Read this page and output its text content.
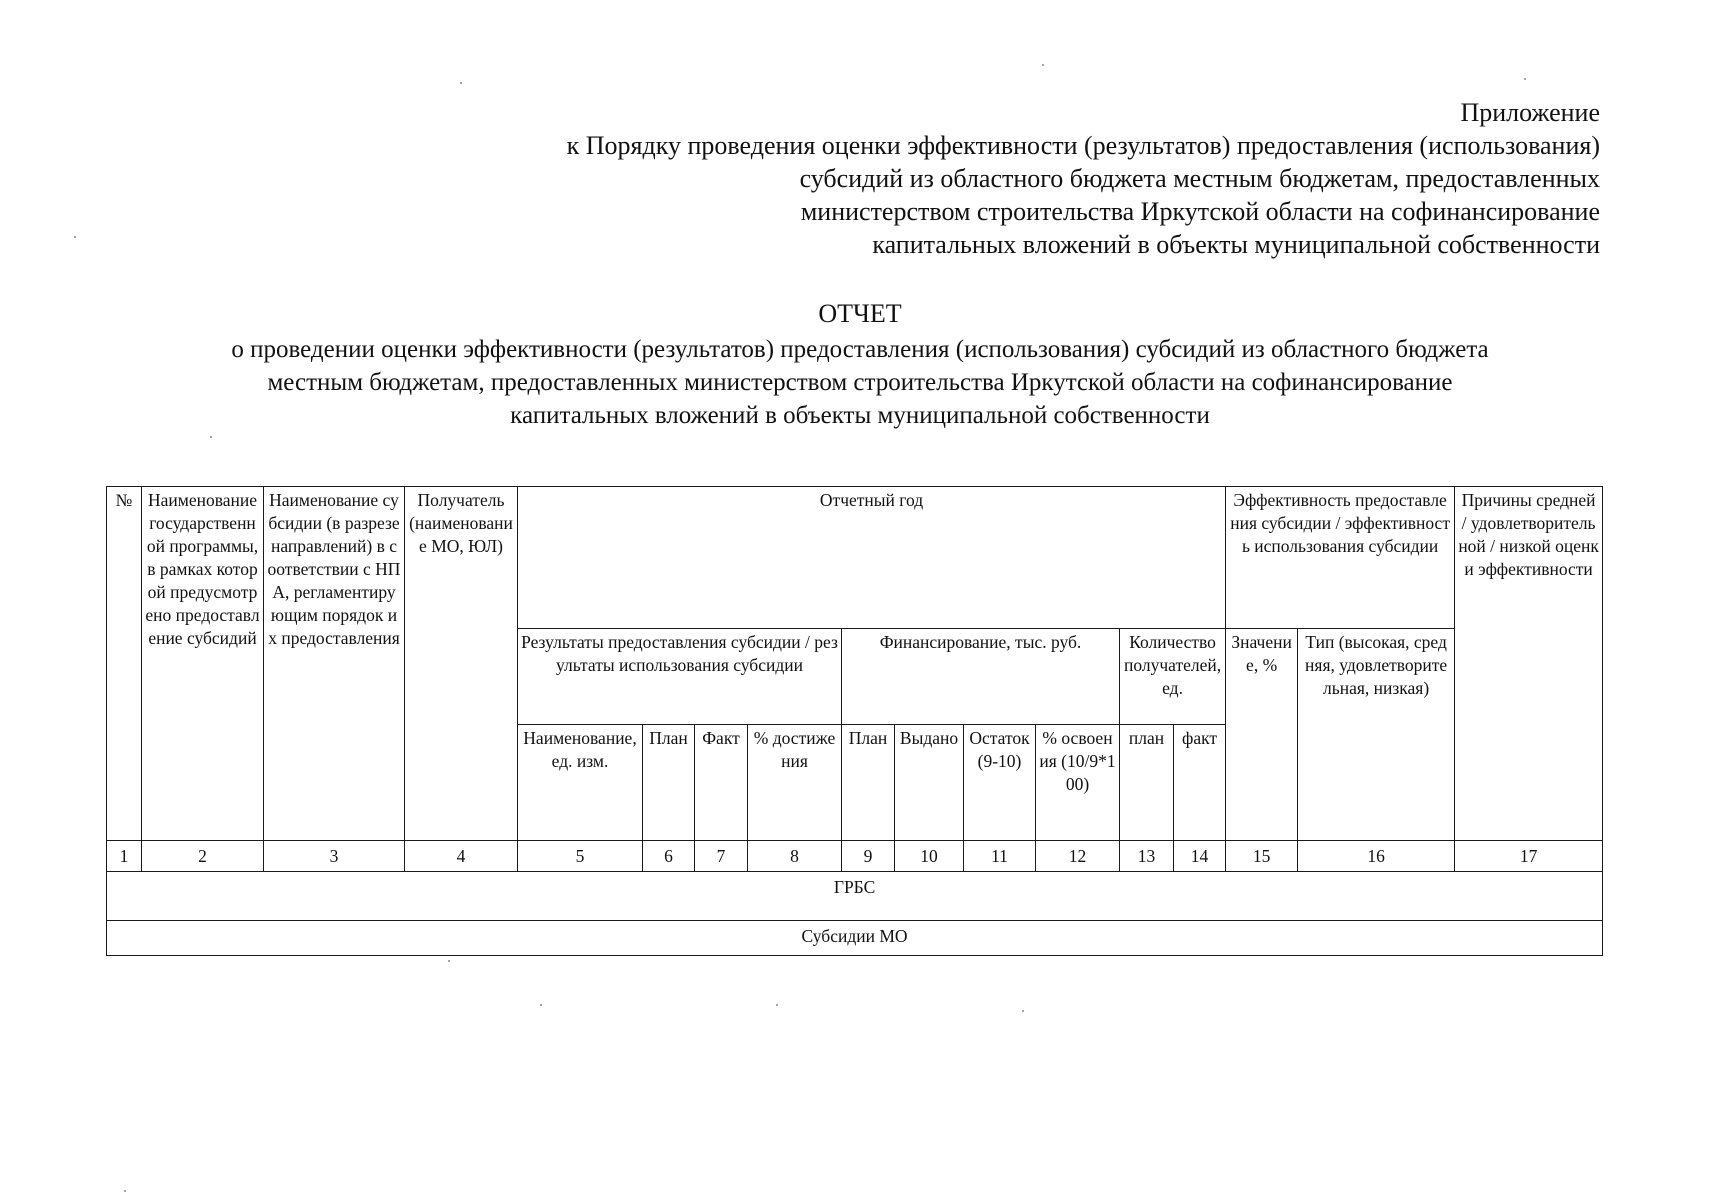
Приложение
к Порядку проведения оценки эффективности (результатов) предоставления (использования)
субсидий из областного бюджета местным бюджетам, предоставленных
министерством строительства Иркутской области на софинансирование
капитальных вложений в объекты муниципальной собственности
ОТЧЕТ
о проведении оценки эффективности (результатов) предоставления (использования) субсидий из областного бюджета
местным бюджетам, предоставленных министерством строительства Иркутской области на софинансирование
капитальных вложений в объекты муниципальной собственности
№	Наименование государственной программы, в рамках которой предусмотрено предоставление субсидий	Наименование субсидии (в разрезе направлений) в соответствии с НПА, регламентирующим порядок их предоставления	Получатель (наименование МО, ЮЛ)	Отчетный год										Эффективность предоставления субсидии / эффективность использования субсидии		Причины средней / удовлетворительной / низкой оценки эффективности
				Результаты предоставления субсидии / результаты использования субсидии				Финансирование, тыс. руб.				Количество получателей, ед.		Значение, %	Тип (высокая, средняя, удовлетворительная, низкая)	
				Наименование, ед. изм.	План	Факт	% достижения	План	Выдано	Остаток (9-10)	% освоения (10/9*100)	план	факт			
1	2	3	4	5	6	7	8	9	10	11	12	13	14	15	16	17
ГРБС																
Субсидии МО																
